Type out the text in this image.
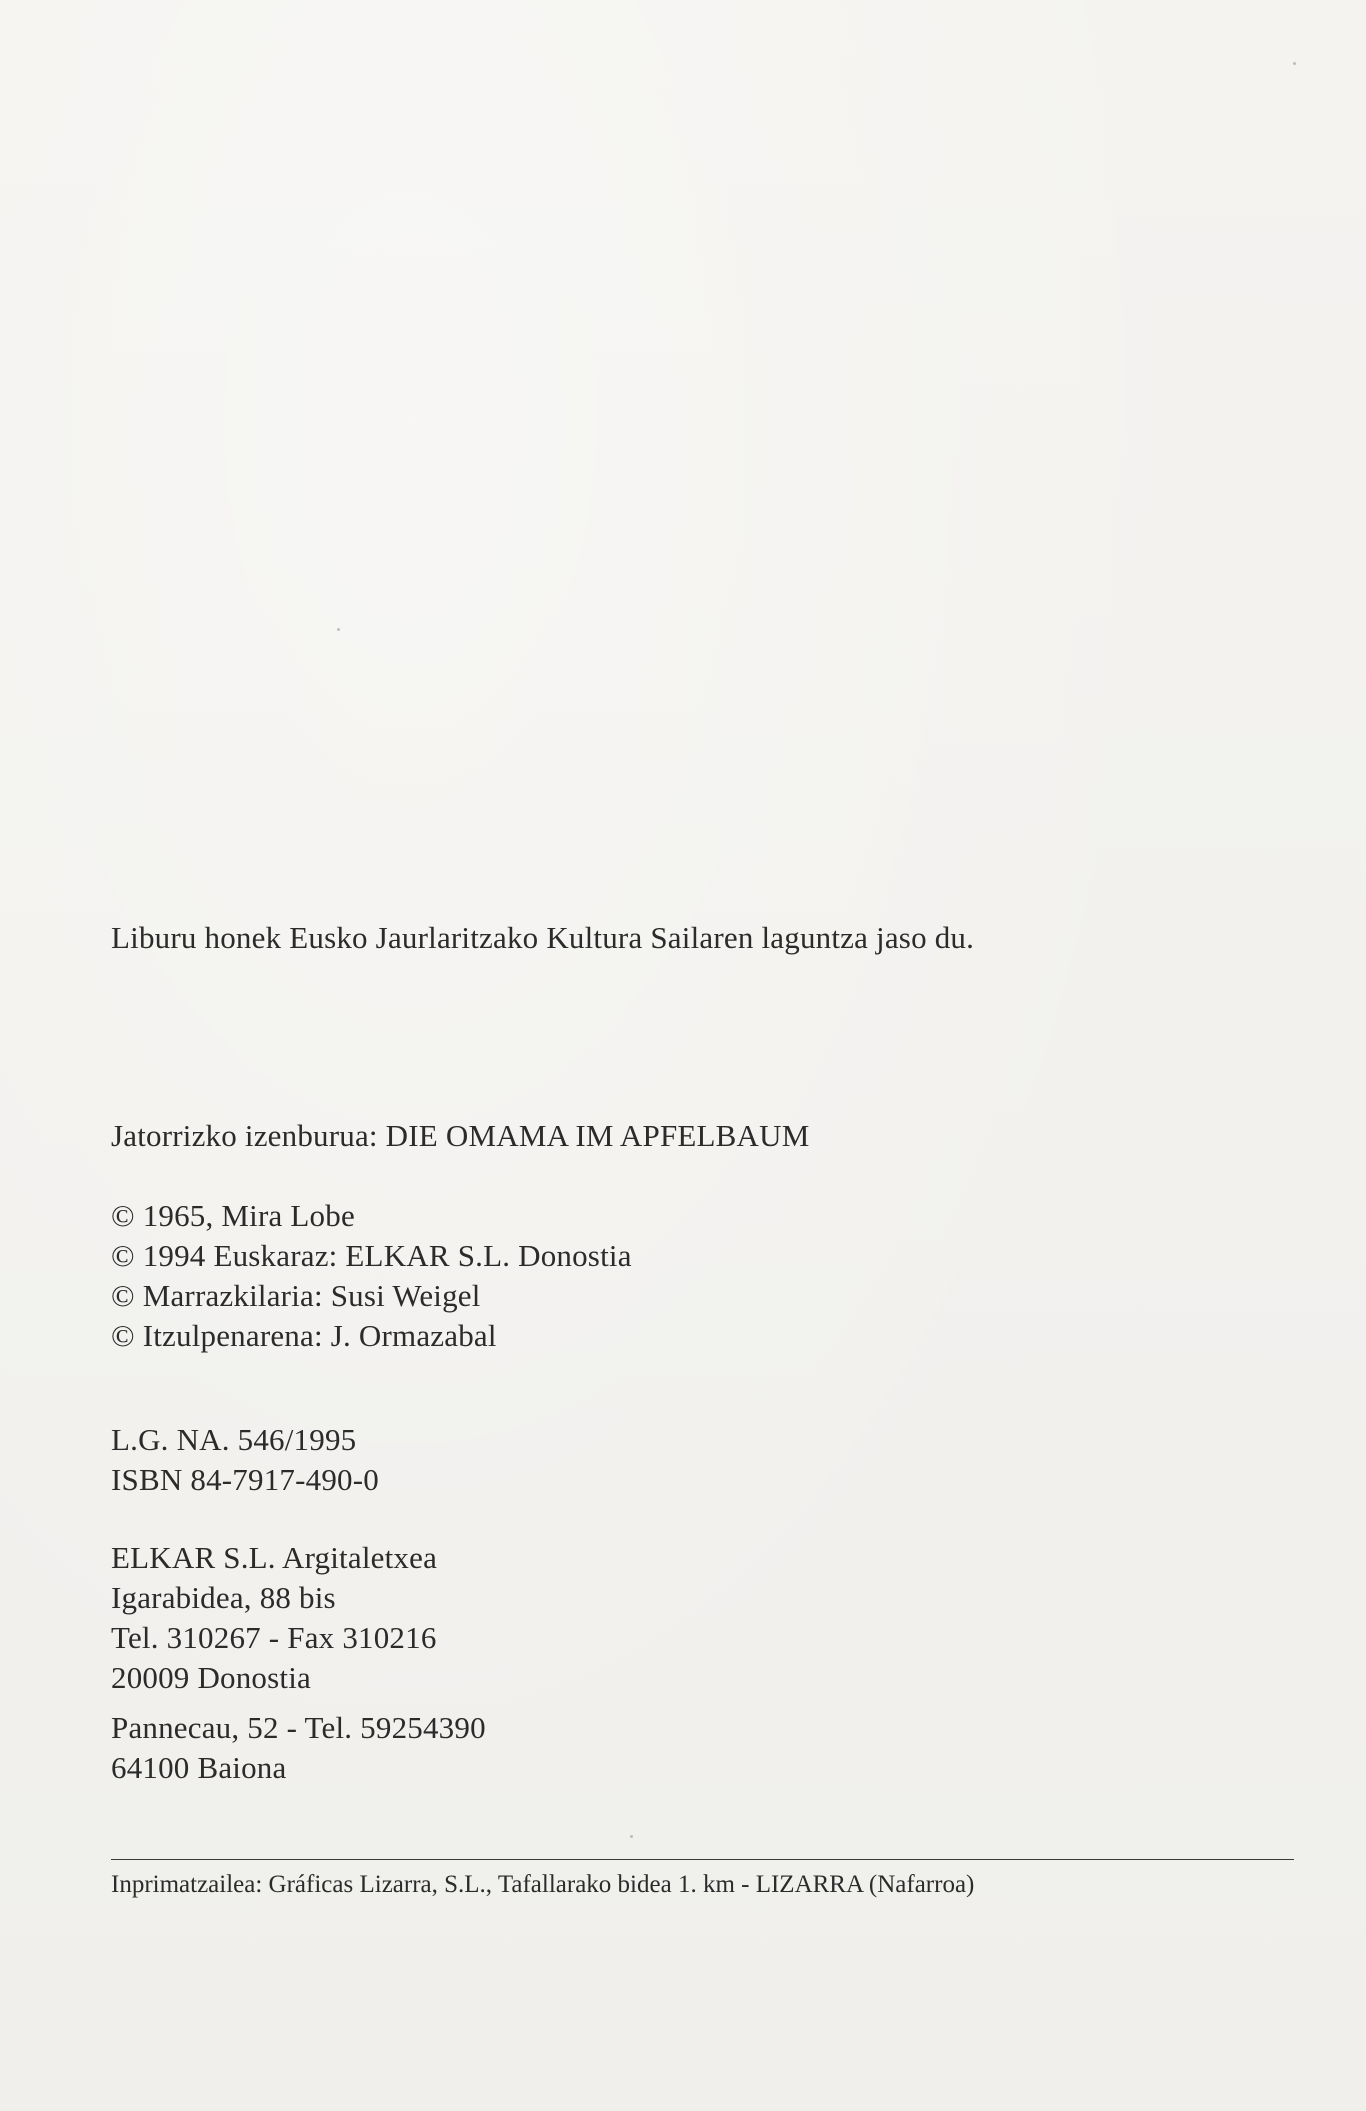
Liburu honek Eusko Jaurlaritzako Kultura Sailaren laguntza jaso du.
Jatorrizko izenburua: DIE OMAMA IM APFELBAUM
© 1965, Mira Lobe
© 1994 Euskaraz: ELKAR S.L. Donostia
© Marrazkilaria: Susi Weigel
© Itzulpenarena: J. Ormazabal
L.G. NA. 546/1995
ISBN 84-7917-490-0
ELKAR S.L. Argitaletxea
Igarabidea, 88 bis
Tel. 310267 - Fax 310216
20009 Donostia
Pannecau, 52 - Tel. 59254390
64100 Baiona
Inprimatzailea: Gráficas Lizarra, S.L., Tafallarako bidea 1. km - LIZARRA (Nafarroa)
